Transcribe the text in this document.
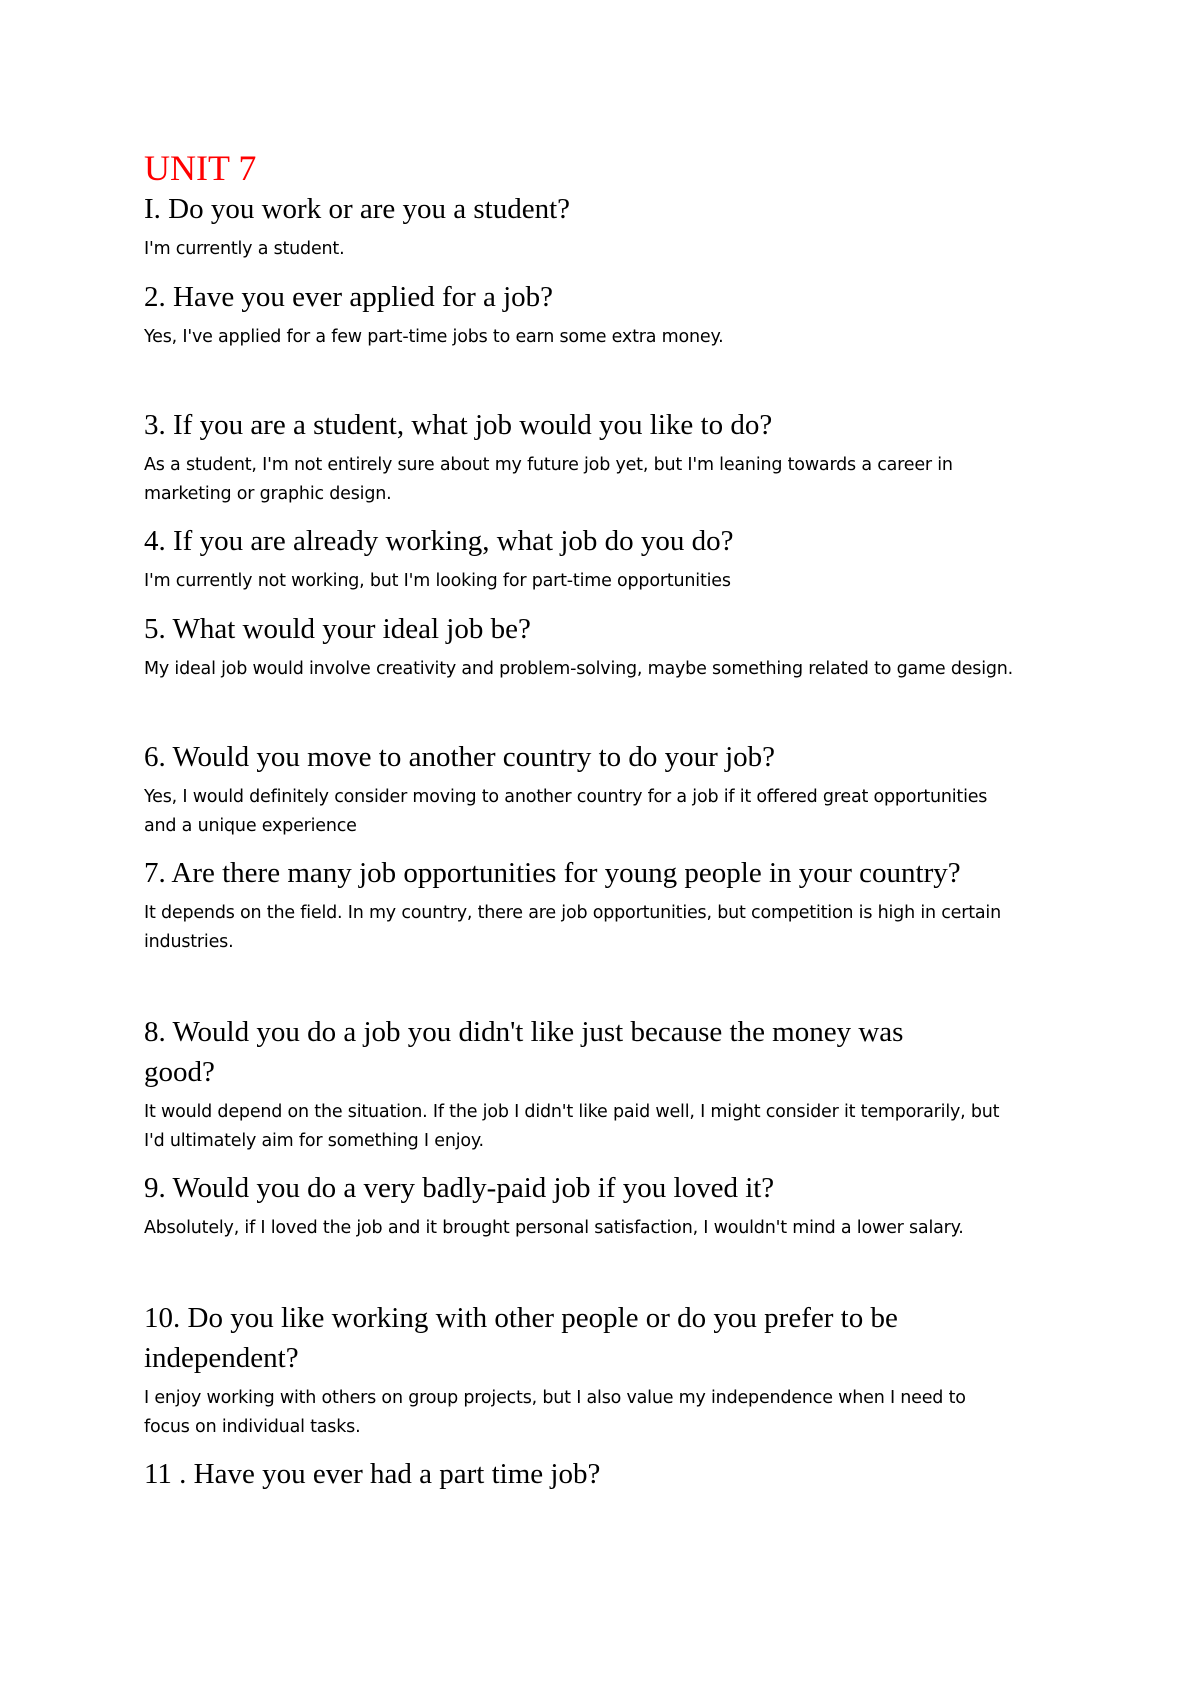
UNIT 7
I. Do you work or are you a student?
I'm currently a student.
2. Have you ever applied for a job?
Yes, I've applied for a few part-time jobs to earn some extra money.
3. If you are a student, what job would you like to do?
As a student, I'm not entirely sure about my future job yet, but I'm leaning towards a career in
marketing or graphic design.
4. If you are already working, what job do you do?
I'm currently not working, but I'm looking for part-time opportunities
5. What would your ideal job be?
My ideal job would involve creativity and problem-solving, maybe something related to game design.
6. Would you move to another country to do your job?
Yes, I would definitely consider moving to another country for a job if it offered great opportunities
and a unique experience
7. Are there many job opportunities for young people in your country?
It depends on the field. In my country, there are job opportunities, but competition is high in certain
industries.
8. Would you do a job you didn't like just because the money was
good?
It would depend on the situation. If the job I didn't like paid well, I might consider it temporarily, but
I'd ultimately aim for something I enjoy.
9. Would you do a very badly-paid job if you loved it?
Absolutely, if I loved the job and it brought personal satisfaction, I wouldn't mind a lower salary.
10. Do you like working with other people or do you prefer to be
independent?
I enjoy working with others on group projects, but I also value my independence when I need to
focus on individual tasks.
11 . Have you ever had a part time job?
